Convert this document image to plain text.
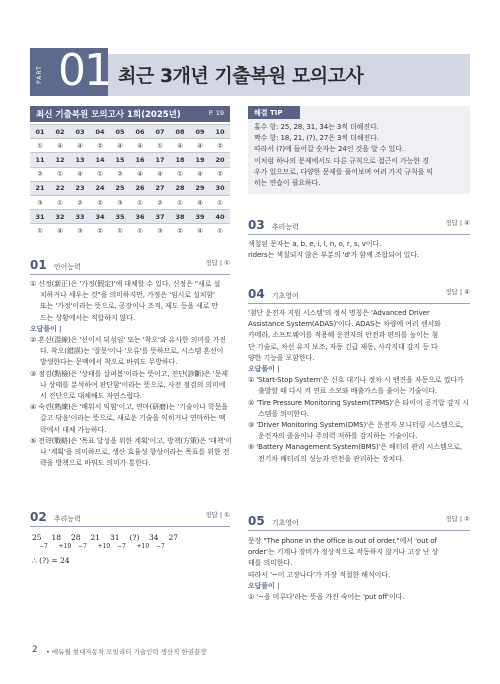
PART 01 최근 3개년 기출복원 모의고사
최신 기출복원 모의고사 1회(2025년)	P. 19
01	02	03	04	05	06	07	08	09	10
①	④	④	②	④	④	①	④	④	②
11	12	13	14	15	16	17	18	19	20
②	①	④	①	②	④	④	①	④	②
21	22	23	24	25	26	27	28	29	30
③	①	②	②	③	①	②	①	④	①
31	32	33	34	35	36	37	38	39	40
①	④	③	②	①	①	③	②	④	①
01 언어능력	정답 | ①

① 신정(新正)은 '가정(假定)'에 대체할 수 있다. 신정은 "새로 설

치하거나 세우는 것"을 의미하지만, 가정은 '임시로 설치함'

또는 '가정'이라는 뜻으로, 공장이나 조직, 제도 등을 새로 만

드는 상황에서는 적합하지 않다.

오답풀이 |

② 혼선(混線)은 '선이서 뒤섞임' 또는 '착오'와 유사한 의미를 가진다. 착오(錯誤)는 '잘못'이나 '오류'를 뜻하므로, 시스템 혼선이 발생한다는 문맥에서 착오로 바꿔도 무방하다.

③ 점검(點檢)은 '상태를 살펴봄'이라는 뜻이고, 진단(診斷)은 '문제나 상태를 분석하여 판단함'이라는 뜻으로, 사전 점검의 의미에서 진단으로 대체해도 자연스럽다.

④ 숙련(熟練)은 '배워서 익힘'이고, 연마(研磨)는 '기술이나 학문을 갈고 닦음'이라는 뜻으로, 새로운 기술을 익히거나 연마하는 맥락에서 대체 가능하다.

⑤ 전략(戰略)은 '목표 달성을 위한 계획'이고, 방책(方策)은 '대책'이나 '계획'을 의미하므로, 생산 효율성 향상이라는 목표를 위한 전략을 방책으로 바꿔도 의미가 통한다.

02 추리능력	정답 | ①
25 18 28 21 31 (?) 34 27
−7 +10 −7 +10 −7 +10 −7
∴ (?) = 24
해결 TIP

홀수 항: 25, 28, 31, 34는 3씩 더해진다.

짝수 항: 18, 21, (?), 27은 3씩 더해진다.

따라서 (?)에 들어갈 숫자는 24인 것을 알 수 있다.

이처럼 하나의 문제에서도 다른 규칙으로 접근이 가능한 경

우가 있으므로, 다양한 문제를 풀어보며 여러 가지 규칙을 익

히는 연습이 필요하다.

03 추리능력	정답 | ④

색칠된 문자는 a, b, e, i, l, n, o, r, s, v이다.

riders는 색칠되지 않은 부분의 'd'가 함께 조합되어 있다.

04 기초영어	정답 | ④

'첨단 운전자 지원 시스템'의 정식 명칭은 'Advanced Driver

Assistance System(ADAS)'이다. ADAS는 차량에 여러 센서와

카메라, 소프트웨어를 적용해 운전자의 안전과 편의를 높이는 첨

단 기술로, 차선 유지 보조, 자동 긴급 제동, 사각지대 감지 등 다

양한 기능을 포함한다.

오답풀이 |

① 'Start-Stop System'은 신호 대기나 정차 시 엔진을 자동으로 껐다가 출발할 때 다시 켜 연료 소모와 배출가스를 줄이는 기술이다.

② 'Tire Pressure Monitoring System(TPMS)'은 타이어 공기압 감지 시스템을 의미한다.

③ 'Driver Monitoring System(DMS)'은 운전자 모니터링 시스템으로, 운전자의 졸음이나 주의력 저하를 감지하는 기술이다.

⑤ 'Battery Management System(BMS)'은 배터리 관리 시스템으로, 전기차 배터리의 성능과 안전을 관리하는 장치다.

05 기초영어	정답 | ②

문장 "The phone in the office is out of order."에서 'out of

order'는 기계나 장비가 정상적으로 작동하지 않거나 고장 난 상

태를 의미한다.

따라서 '~이 고장나다'가 가장 적절한 해석이다.

오답풀이 |

① '~을 미루다'라는 뜻을 가진 숙어는 'put off'이다.

2 • 에듀윌 현대자동차 모빌리티 기술인력 생산직 한권끝장
